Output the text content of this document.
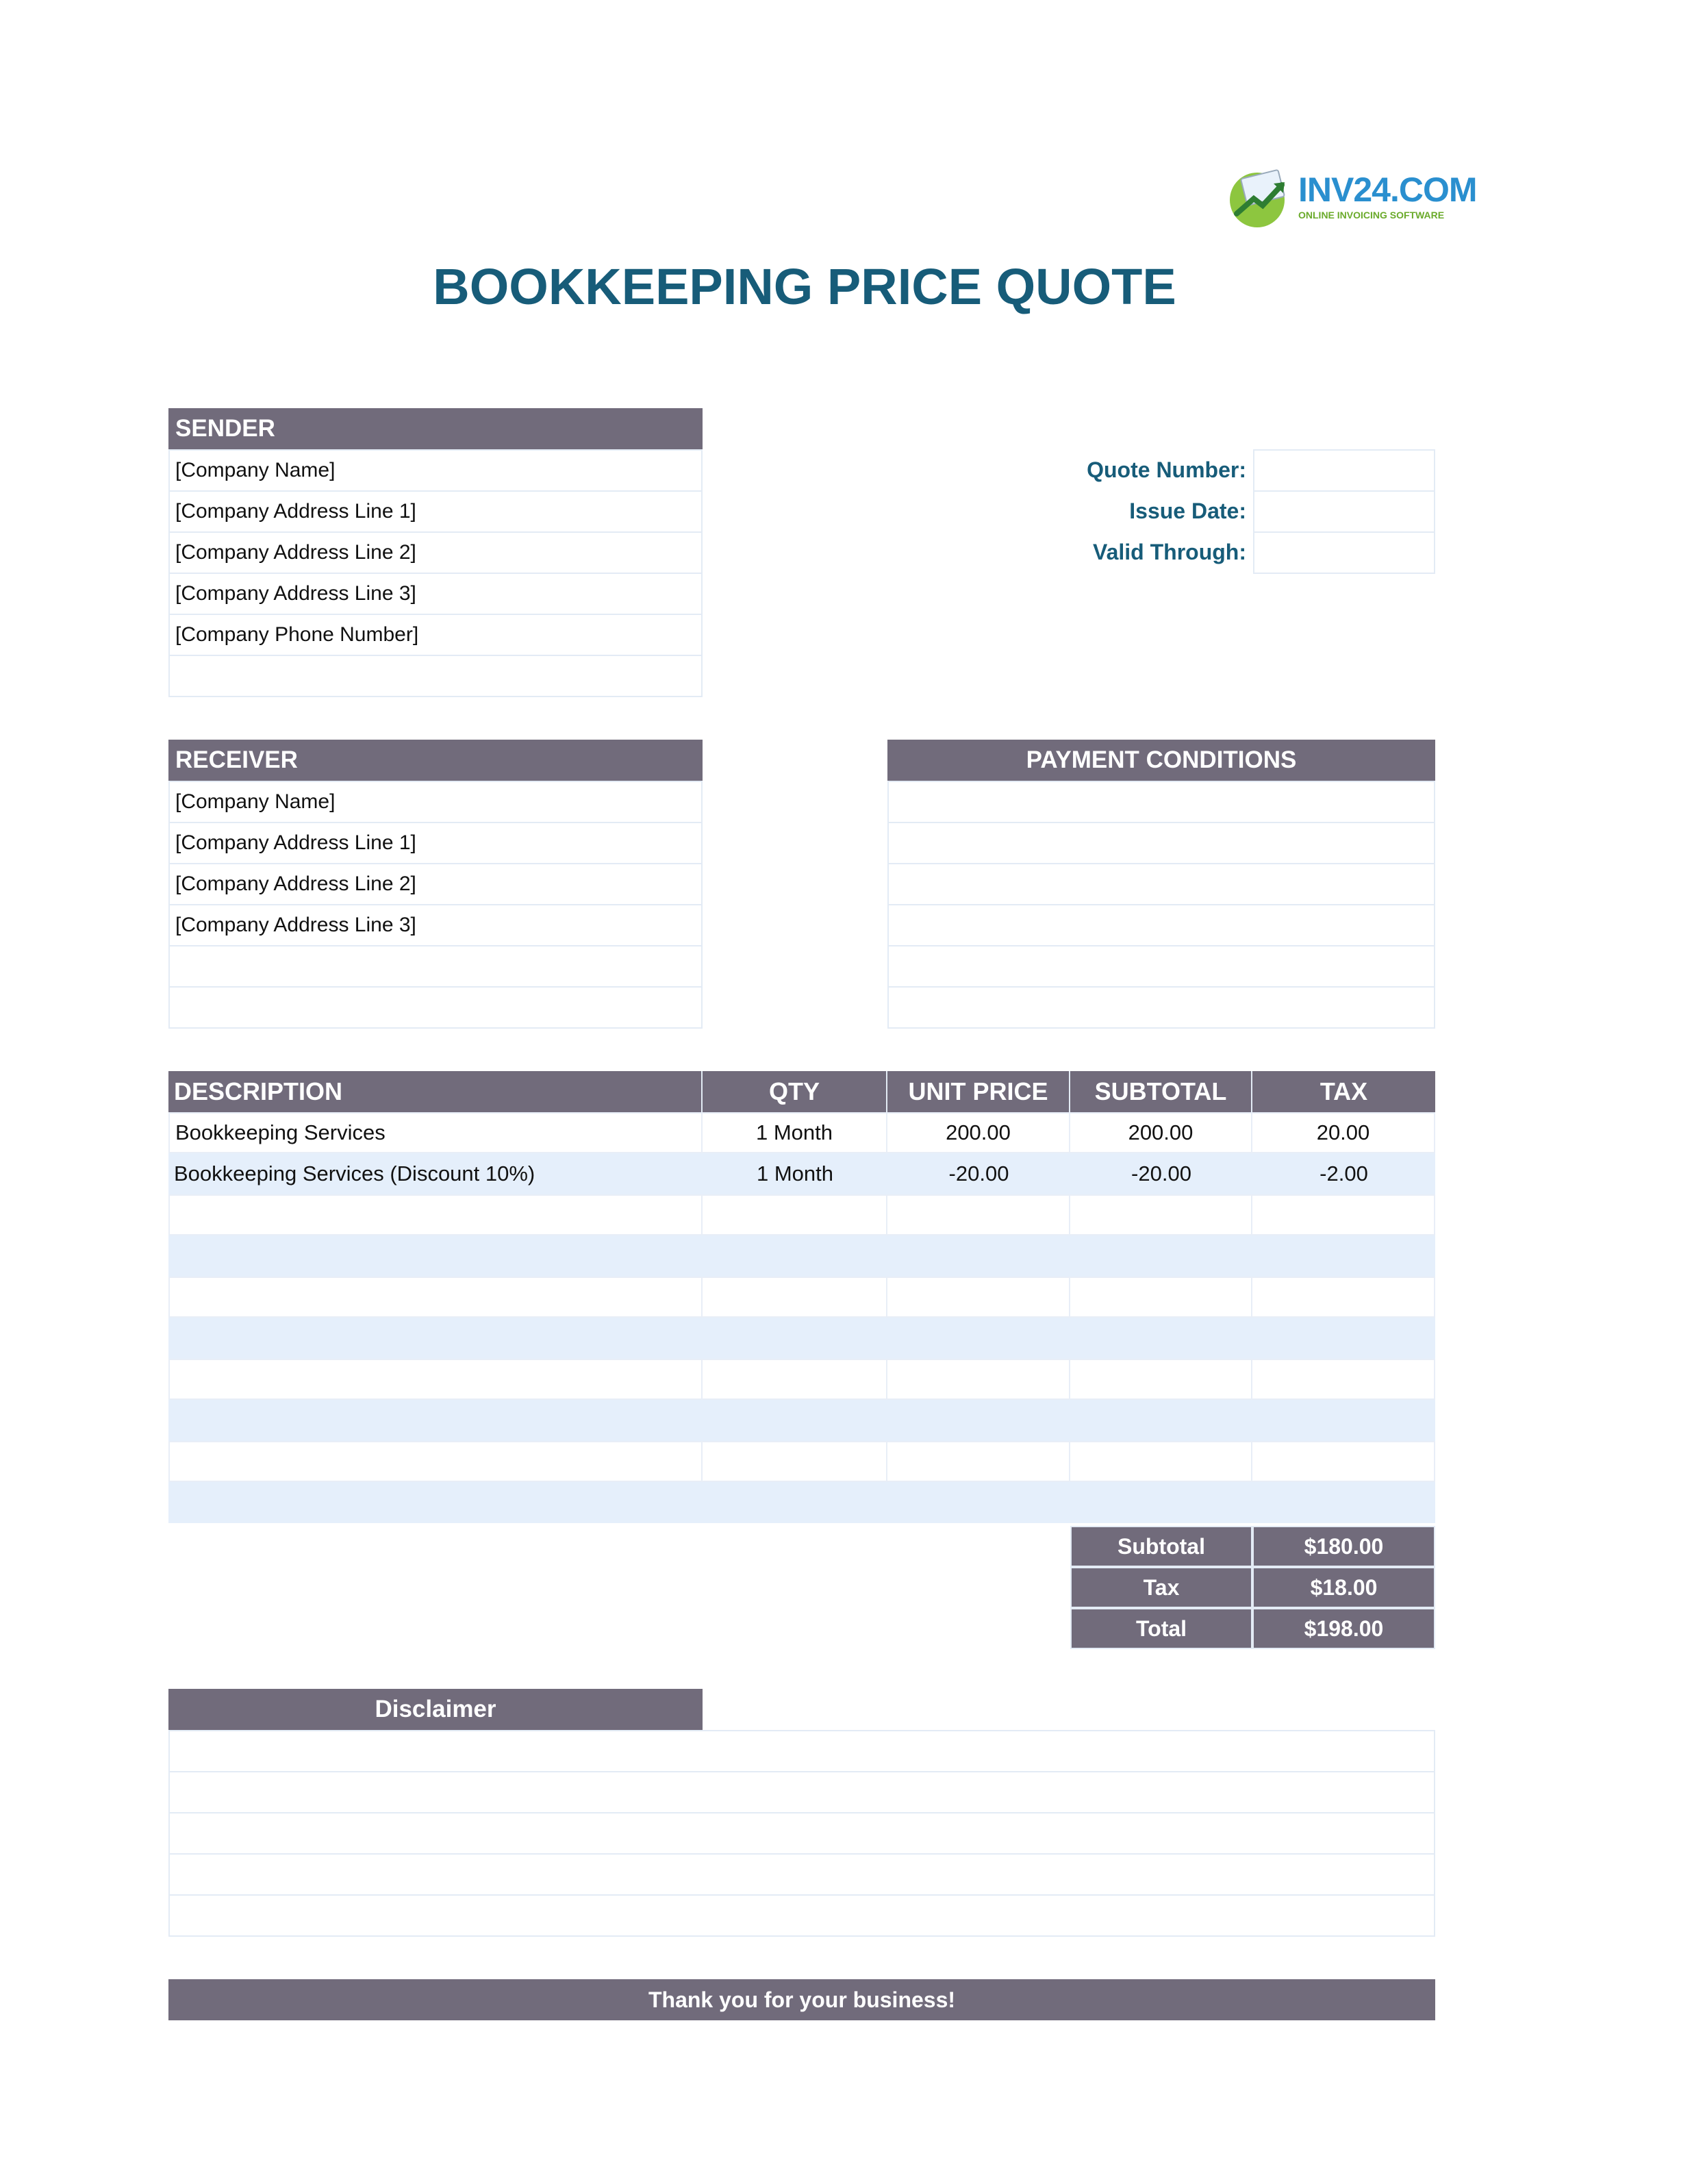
INV24.COM
ONLINE INVOICING SOFTWARE
BOOKKEEPING PRICE QUOTE
SENDER
[Company Name]
[Company Address Line 1]
[Company Address Line 2]
[Company Address Line 3]
[Company Phone Number]
Quote Number:
Issue Date:
Valid Through:
RECEIVER
[Company Name]
[Company Address Line 1]
[Company Address Line 2]
[Company Address Line 3]
PAYMENT CONDITIONS
DESCRIPTION	QTY	UNIT PRICE	SUBTOTAL	TAX
Bookkeeping Services	1 Month	200.00	200.00	20.00
Bookkeeping Services (Discount 10%)	1 Month	-20.00	-20.00	-2.00
Subtotal	$180.00
Tax	$18.00
Total	$198.00
Disclaimer
Thank you for your business!
